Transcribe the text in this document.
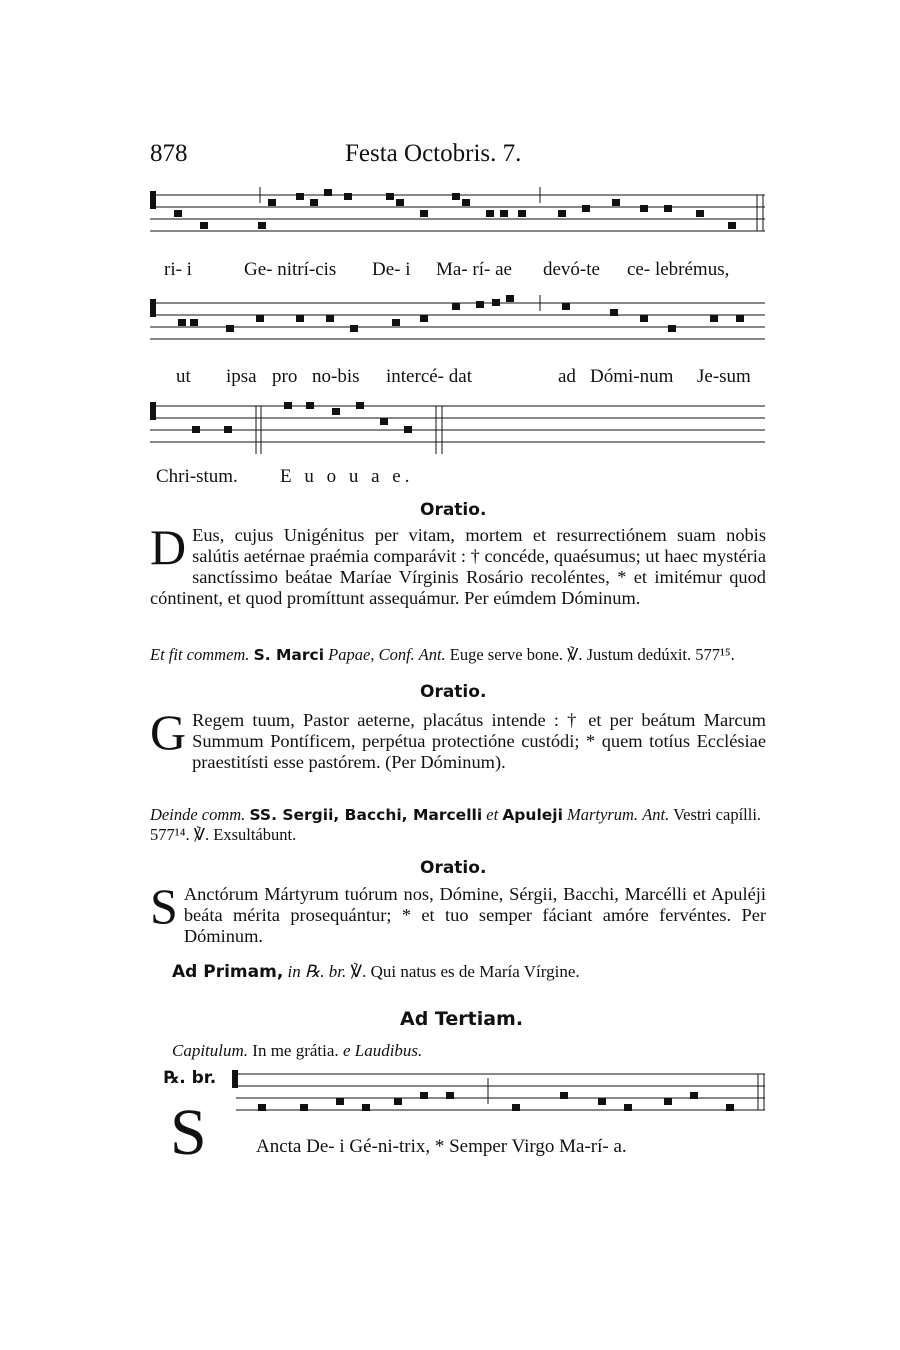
878	Festa Octobris. 7.
ri- i	Ge- nitrí-cis De- i Ma- rí- ae devó-te ce- lebrémus,
ut ipsa pro no-bis intercé- dat	ad Dómi-num Je-sum
Chri-stum. E u o u a e.
Oratio.
D Eus, cujus Unigénitus per vitam, mortem et resurrectiónem suam nobis salútis aetérnae praémia comparávit : † concéde, quaésumus; ut haec mystéria sanctíssimo beátae Maríae Vírginis Rosário recoléntes, * et imitémur quod cóntinent, et quod promíttunt assequámur. Per eúmdem Dóminum.
Et fit commem. S. Marci Papae, Conf. Ant. Euge serve bone. ℣. Justum dedúxit. 577¹⁵.
Oratio.
G Regem tuum, Pastor aeterne, placátus intende : † et per beátum Marcum Summum Pontíficem, perpétua protectióne custódi; * quem totíus Ecclésiae praestitísti esse pastórem. (Per Dóminum).
Deinde comm. SS. Sergii, Bacchi, Marcelli et Apuleji Martyrum. Ant. Vestri capílli. 577¹⁴. ℣. Exsultábunt.
Oratio.
S Anctórum Mártyrum tuórum nos, Dómine, Sérgii, Bacchi, Marcélli et Apuléji beáta mérita prosequántur; * et tuo semper fáciant amóre fervéntes. Per Dóminum.
Ad Primam, in ℞. br. ℣. Qui natus es de María Vírgine.
Ad Tertiam.
Capitulum. In me grátia. e Laudibus.
℞. br.
S	Ancta De- i Gé-ni-trix, * Semper Virgo Ma-rí- a.
